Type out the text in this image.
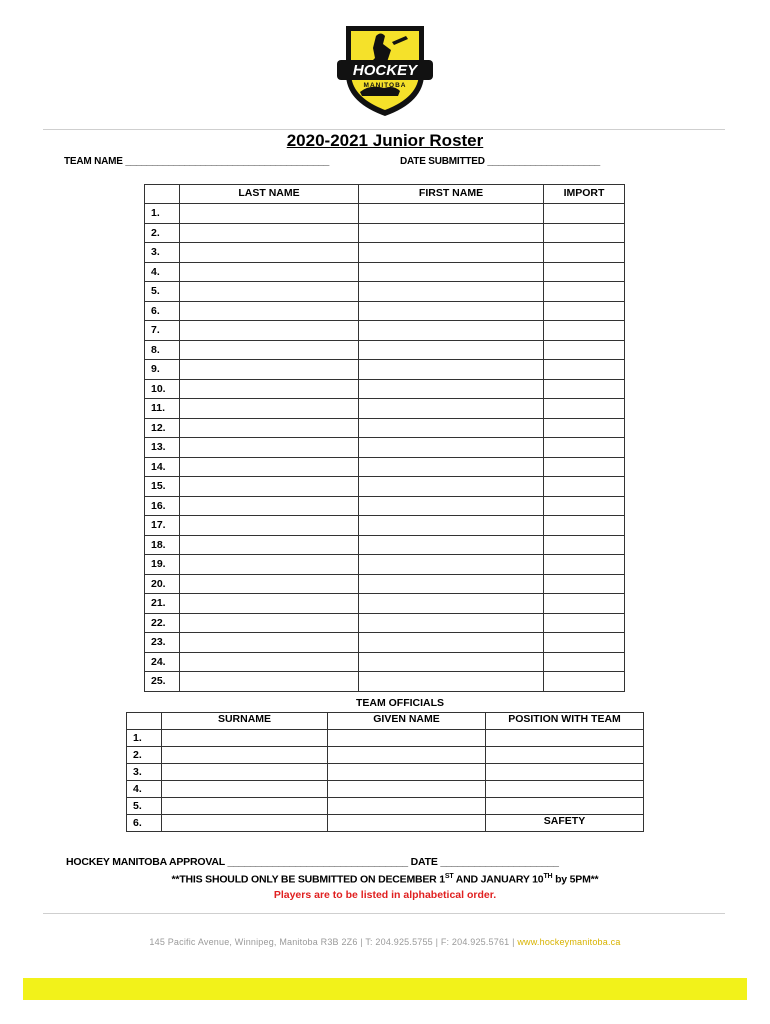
HOCKEY
MANITOBA
2020-2021 Junior Roster
TEAM NAME ______________________________________	DATE SUBMITTED _____________________
	LAST NAME	FIRST NAME	IMPORT
1.			
2.			
3.			
4.			
5.			
6.			
7.			
8.			
9.			
10.			
11.			
12.			
13.			
14.			
15.			
16.			
17.			
18.			
19.			
20.			
21.			
22.			
23.			
24.			
25.			
TEAM OFFICIALS
	SURNAME	GIVEN NAME	POSITION WITH TEAM
1.			
2.			
3.			
4.			
5.			
6.			SAFETY
HOCKEY MANITOBA APPROVAL ________________________________ DATE _____________________
**THIS SHOULD ONLY BE SUBMITTED ON DECEMBER 1ST AND JANUARY 10TH by 5PM**
Players are to be listed in alphabetical order.
145 Pacific Avenue, Winnipeg, Manitoba R3B 2Z6 | T: 204.925.5755 | F: 204.925.5761 | www.hockeymanitoba.ca
